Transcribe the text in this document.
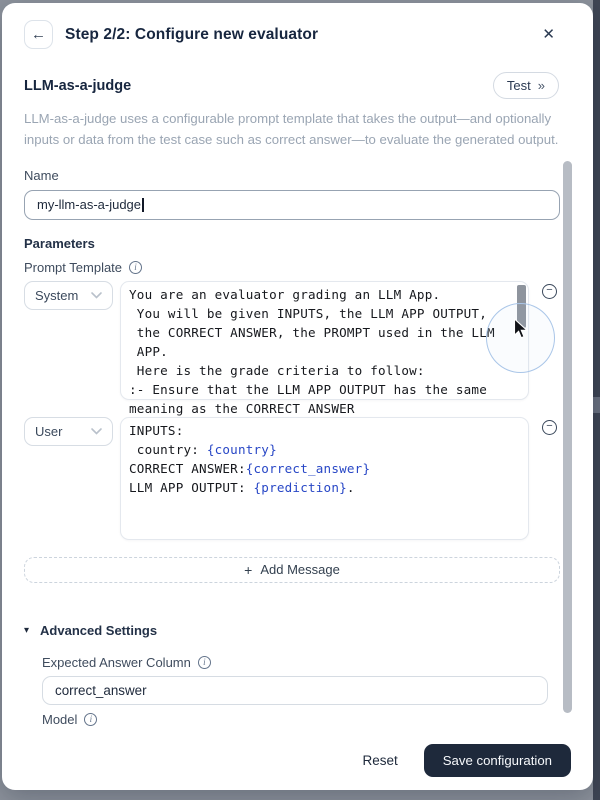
← Step 2/2: Configure new evaluator	✕
LLM-as-a-judge	Test »
LLM-as-a-judge uses a configurable prompt template that takes the output—and optionally inputs or data from the test case such as correct answer—to evaluate the generated output.
Name
my-llm-as-a-judge
Parameters
Prompt Template	i
System	You are an evaluator grading an LLM App.
You will be given INPUTS, the LLM APP OUTPUT,
the CORRECT ANSWER, the PROMPT used in the LLM
APP.
Here is the grade criteria to follow:
:- Ensure that the LLM APP OUTPUT has the same
meaning as the CORRECT ANSWER
−
User	INPUTS:
country: {country}
CORRECT ANSWER:{correct_answer}
LLM APP OUTPUT: {prediction}.
−
+ Add Message
▾ Advanced Settings
Expected Answer Column	i
correct_answer
Model	i
Reset	Save configuration
